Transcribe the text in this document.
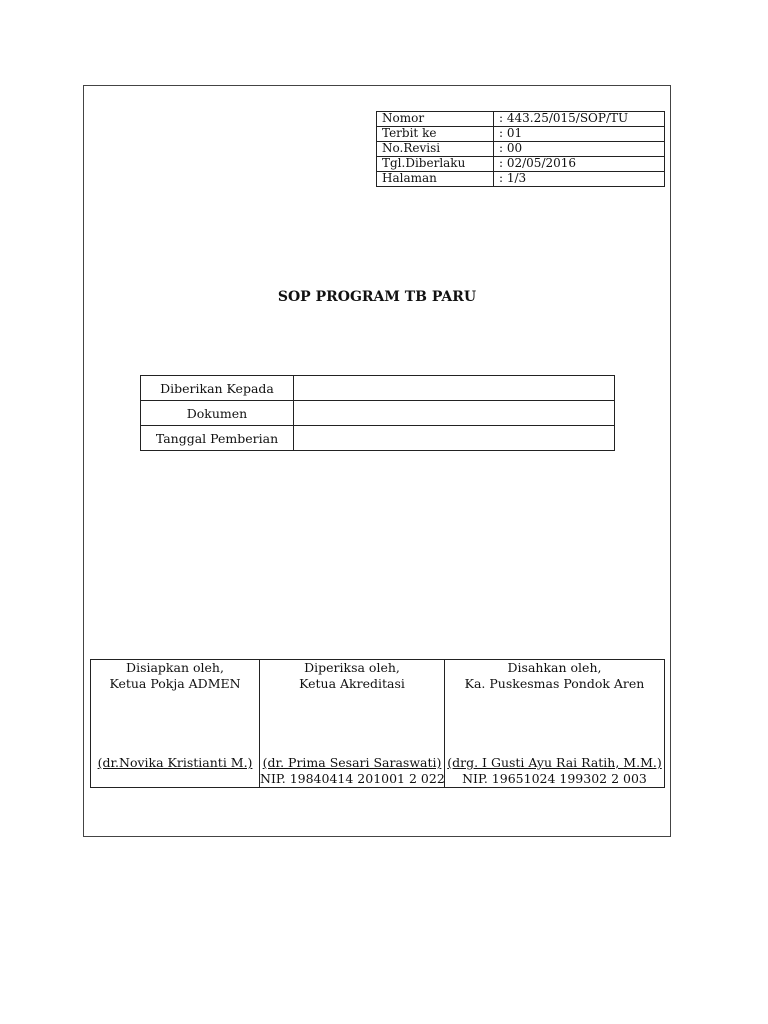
Nomor	: 443.25/015/SOP/TU
Terbit ke	: 01
No.Revisi	: 00
Tgl.Diberlaku	: 02/05/2016
Halaman	: 1/3
SOP PROGRAM TB PARU
Diberikan Kepada	
Dokumen	
Tanggal Pemberian	
Disiapkan oleh,
Ketua Pokja ADMEN
(dr.Novika Kristianti M.)

Diperiksa oleh,
Ketua Akreditasi
(dr. Prima Sesari Saraswati)
NIP. 19840414 201001 2 022

Disahkan oleh,
Ka. Puskesmas Pondok Aren
(drg. I Gusti Ayu Rai Ratih, M.M.)
NIP. 19651024 199302 2 003
